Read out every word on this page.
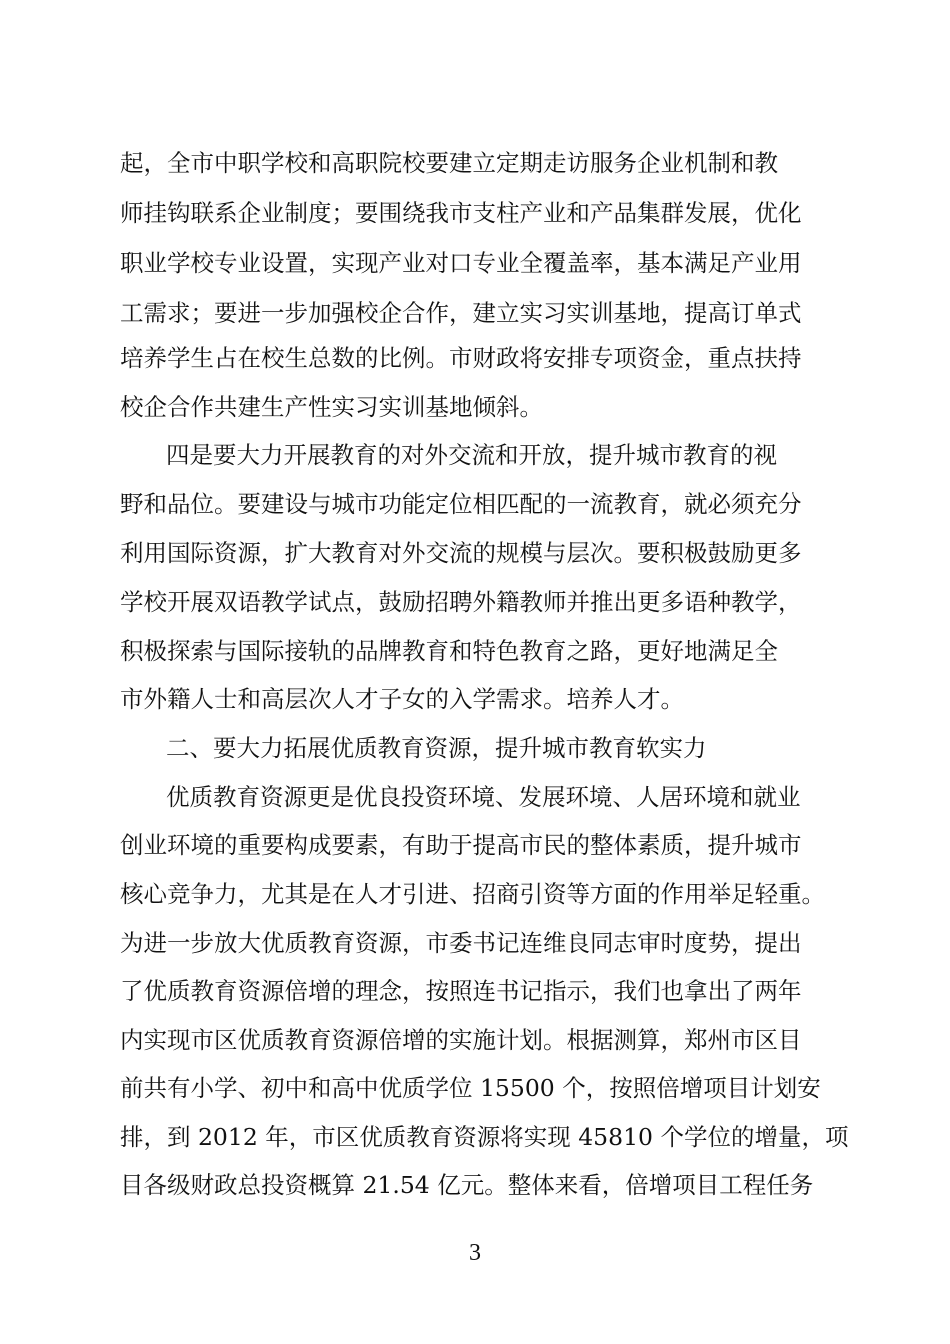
起，全市中职学校和高职院校要建立定期走访服务企业机制和教
师挂钩联系企业制度；要围绕我市支柱产业和产品集群发展，优化
职业学校专业设置，实现产业对口专业全覆盖率，基本满足产业用
工需求；要进一步加强校企合作，建立实习实训基地，提高订单式
培养学生占在校生总数的比例。市财政将安排专项资金，重点扶持
校企合作共建生产性实习实训基地倾斜。
四是要大力开展教育的对外交流和开放，提升城市教育的视
野和品位。要建设与城市功能定位相匹配的一流教育，就必须充分
利用国际资源，扩大教育对外交流的规模与层次。要积极鼓励更多
学校开展双语教学试点，鼓励招聘外籍教师并推出更多语种教学，
积极探索与国际接轨的品牌教育和特色教育之路，更好地满足全
市外籍人士和高层次人才子女的入学需求。培养人才。
二、要大力拓展优质教育资源，提升城市教育软实力
优质教育资源更是优良投资环境、发展环境、人居环境和就业
创业环境的重要构成要素，有助于提高市民的整体素质，提升城市
核心竞争力，尤其是在人才引进、招商引资等方面的作用举足轻重。
为进一步放大优质教育资源，市委书记连维良同志审时度势，提出
了优质教育资源倍增的理念，按照连书记指示，我们也拿出了两年
内实现市区优质教育资源倍增的实施计划。根据测算，郑州市区目
前共有小学、初中和高中优质学位 15500 个，按照倍增项目计划安
排，到 2012 年，市区优质教育资源将实现 45810 个学位的增量，项
目各级财政总投资概算 21.54 亿元。整体来看，倍增项目工程任务
3
